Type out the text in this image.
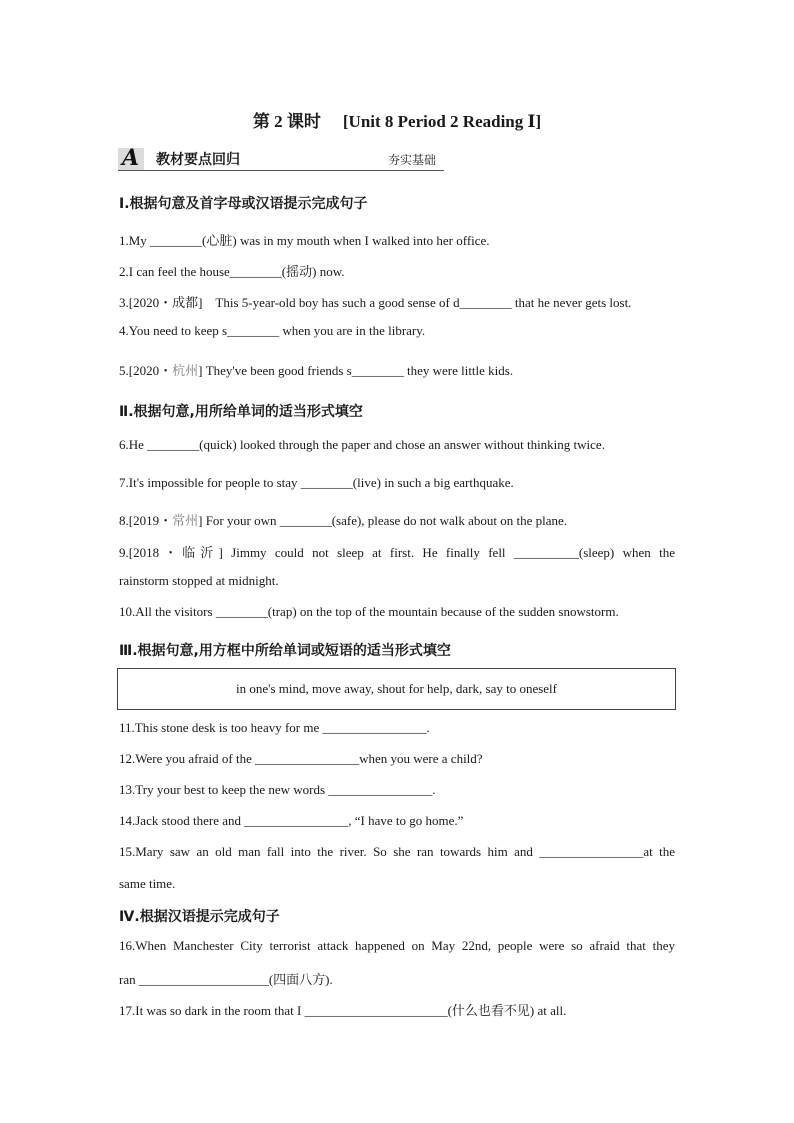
第 2 课时 [Unit 8 Period 2 Reading Ⅰ]
A 教材要点回归	夯实基础
Ⅰ.根据句意及首字母或汉语提示完成句子
1.My ________(心脏) was in my mouth when I walked into her office.
2.I can feel the house________(摇动) now.
3.[2020・成都] This 5-year-old boy has such a good sense of d________ that he never gets lost.
4.You need to keep s________ when you are in the library.
5.[2020・杭州] They've been good friends s________ they were little kids.
Ⅱ.根据句意,用所给单词的适当形式填空
6.He ________(quick) looked through the paper and chose an answer without thinking twice.
7.It's impossible for people to stay ________(live) in such a big earthquake.
8.[2019・常州] For your own ________(safe), please do not walk about on the plane.
9.[2018・临沂] Jimmy could not sleep at first. He finally fell __________(sleep) when the
rainstorm stopped at midnight.
10.All the visitors ________(trap) on the top of the mountain because of the sudden snowstorm.
Ⅲ.根据句意,用方框中所给单词或短语的适当形式填空
in one's mind, move away, shout for help, dark, say to oneself
11.This stone desk is too heavy for me ________________.
12.Were you afraid of the ________________when you were a child?
13.Try your best to keep the new words ________________.
14.Jack stood there and ________________, “I have to go home.”
15.Mary saw an old man fall into the river. So she ran towards him and ________________at the
same time.
Ⅳ.根据汉语提示完成句子
16.When Manchester City terrorist attack happened on May 22nd, people were so afraid that they
ran ____________________(四面八方).
17.It was so dark in the room that I ______________________(什么也看不见) at all.
